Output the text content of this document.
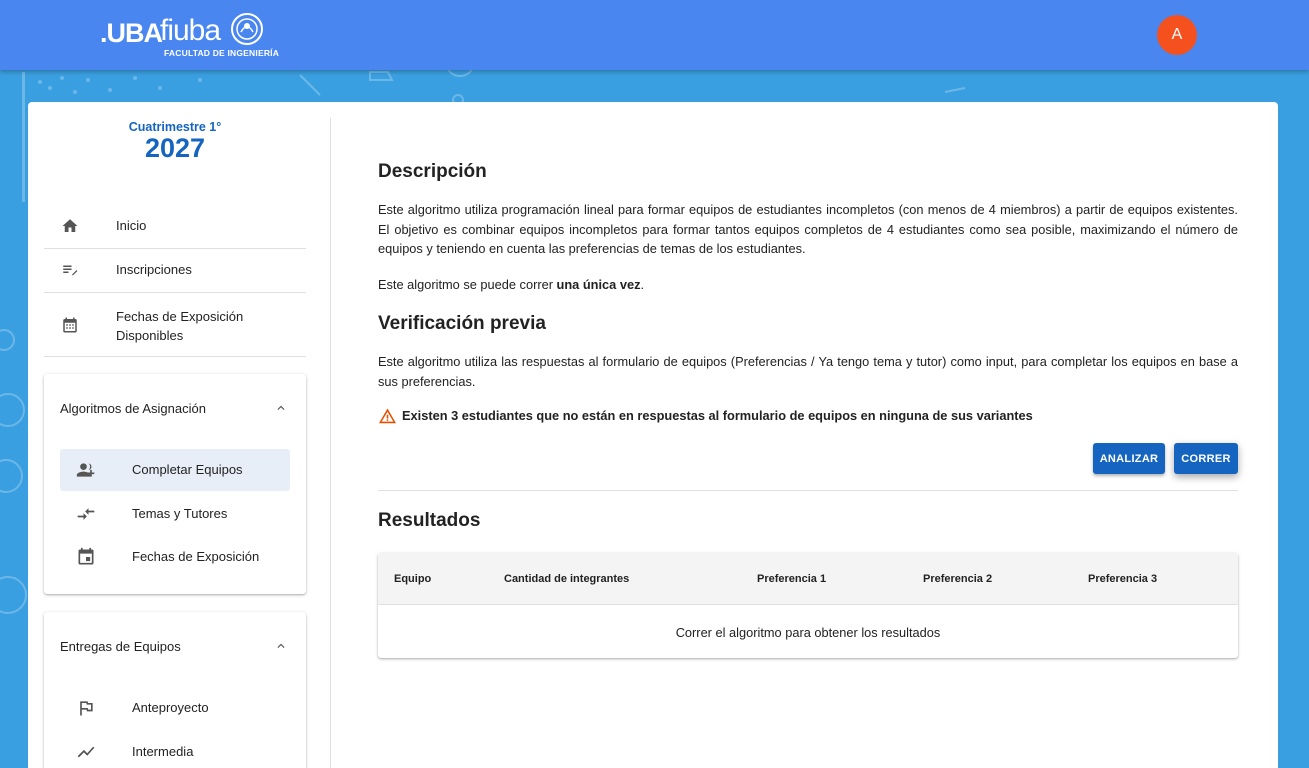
.UBA
fiuba
FACULTAD DE INGENIERÍA
A
Cuatrimestre 1°
2027
Inicio
Inscripciones
Fechas de Exposición Disponibles
Algoritmos de Asignación
Completar Equipos
Temas y Tutores
Fechas de Exposición
Entregas de Equipos
Anteproyecto
Intermedia
Descripción

Este algoritmo utiliza programación lineal para formar equipos de estudiantes incompletos (con menos de 4 miembros) a partir de equipos existentes. El objetivo es combinar equipos incompletos para formar tantos equipos completos de 4 estudiantes como sea posible, maximizando el número de equipos y teniendo en cuenta las preferencias de temas de los estudiantes.

Este algoritmo se puede correr una única vez.

Verificación previa

Este algoritmo utiliza las respuestas al formulario de equipos (Preferencias / Ya tengo tema y tutor) como input, para completar los equipos en base a sus preferencias.

Existen 3 estudiantes que no están en respuestas al formulario de equipos en ninguna de sus variantes
ANALIZAR	CORRER
Resultados
Equipo	Cantidad de integrantes	Preferencia 1	Preferencia 2	Preferencia 3
Correr el algoritmo para obtener los resultados
